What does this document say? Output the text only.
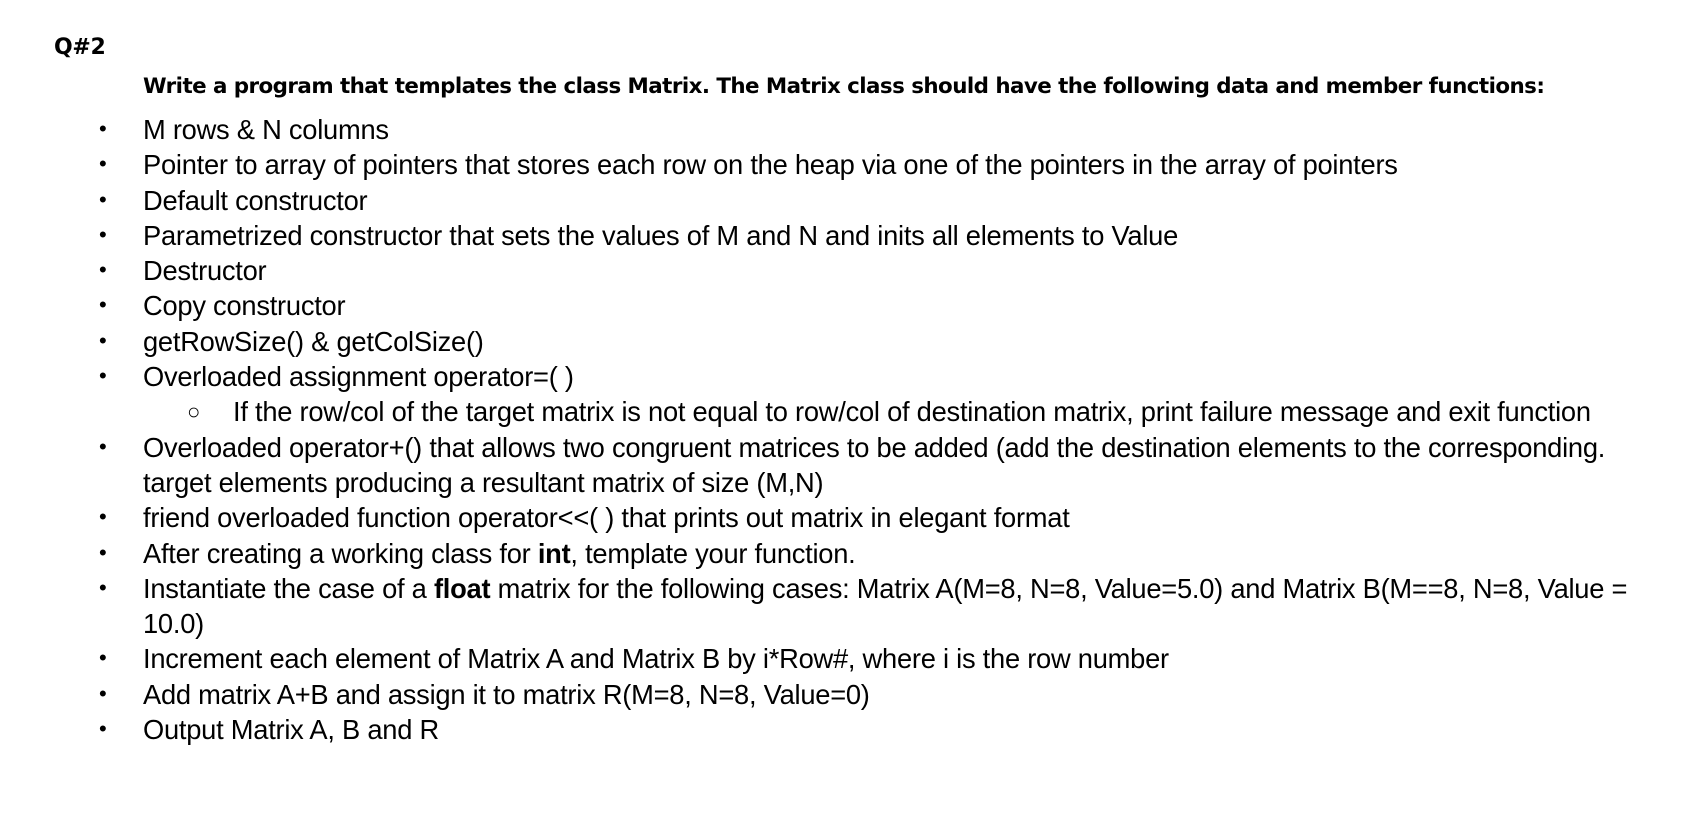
Q#2
Write a program that templates the class Matrix. The Matrix class should have the following data and member functions:
• M rows & N columns
• Pointer to array of pointers that stores each row on the heap via one of the pointers in the array of pointers
• Default constructor
• Parametrized constructor that sets the values of M and N and inits all elements to Value
• Destructor
• Copy constructor
• getRowSize() & getColSize()
• Overloaded assignment operator=( )
○ If the row/col of the target matrix is not equal to row/col of destination matrix, print failure message and exit function
• Overloaded operator+() that allows two congruent matrices to be added (add the destination elements to the corresponding. target elements producing a resultant matrix of size (M,N)
• friend overloaded function operator<<( ) that prints out matrix in elegant format
• After creating a working class for int, template your function.
• Instantiate the case of a float matrix for the following cases: Matrix A(M=8, N=8, Value=5.0) and Matrix B(M==8, N=8, Value = 10.0)
• Increment each element of Matrix A and Matrix B by i*Row#, where i is the row number
• Add matrix A+B and assign it to matrix R(M=8, N=8, Value=0)
• Output Matrix A, B and R
